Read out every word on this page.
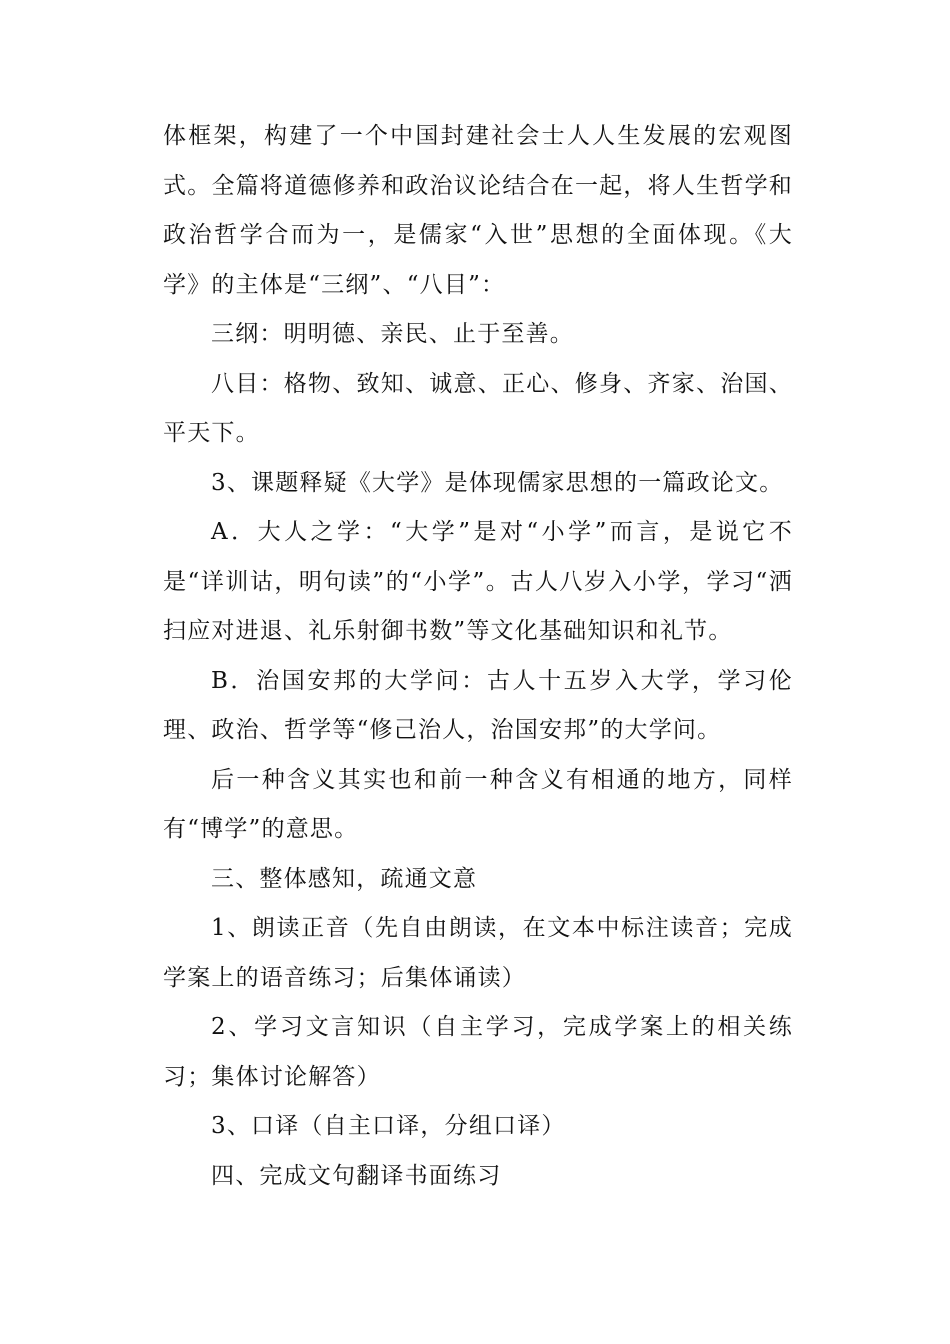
体框架，构建了一个中国封建社会士人人生发展的宏观图式。全篇将道德修养和政治议论结合在一起，将人生哲学和政治哲学合而为一，是儒家“入世”思想的全面体现。《大学》的主体是“三纲”、“八目”：

三纲：明明德、亲民、止于至善。

八目：格物、致知、诚意、正心、修身、齐家、治国、平天下。

3、课题释疑《大学》是体现儒家思想的一篇政论文。

A．大人之学：“大学”是对“小学”而言，是说它不是“详训诂，明句读”的“小学”。古人八岁入小学，学习“洒扫应对进退、礼乐射御书数”等文化基础知识和礼节。

B．治国安邦的大学问：古人十五岁入大学，学习伦理、政治、哲学等“修己治人，治国安邦”的大学问。

后一种含义其实也和前一种含义有相通的地方，同样有“博学”的意思。

三、整体感知，疏通文意

1、朗读正音（先自由朗读，在文本中标注读音；完成学案上的语音练习；后集体诵读）

2、学习文言知识（自主学习，完成学案上的相关练习；集体讨论解答）

3、口译（自主口译，分组口译）

四、完成文句翻译书面练习
